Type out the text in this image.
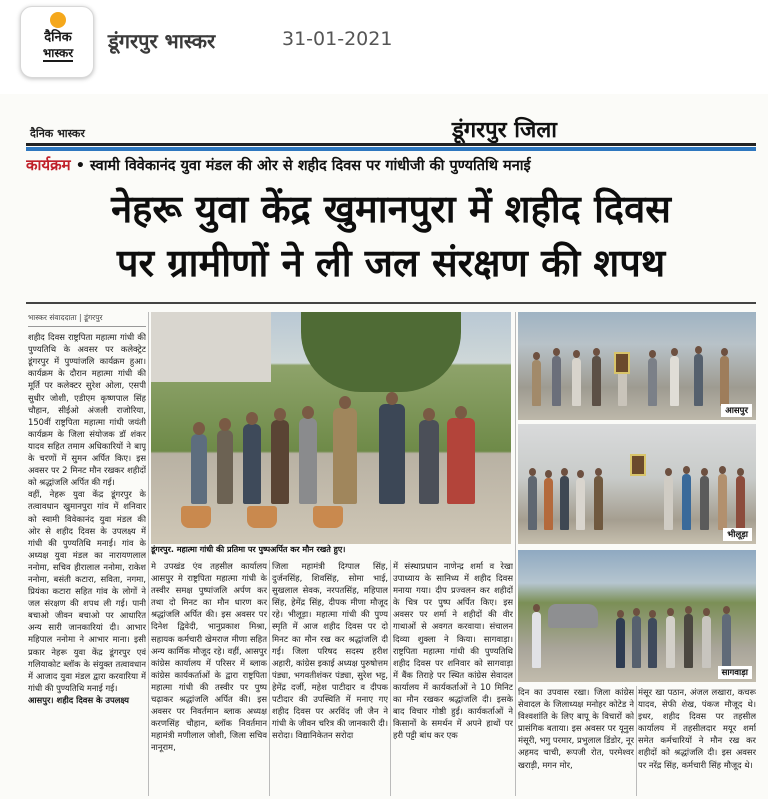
दैनिक
भास्कर	डूंगरपुर भास्कर	31-01-2021
दैनिक भास्कर	डूंगरपुर जिला
कार्यक्रम • स्वामी विवेकानंद युवा मंडल की ओर से शहीद दिवस पर गांधीजी की पुण्यतिथि मनाई
नेहरू युवा केंद्र खुमानपुरा में शहीद दिवस
पर ग्रामीणों ने ली जल संरक्षण की शपथ

भास्कर संवाददाता | डूंगरपुर

शहीद दिवस राष्ट्रपिता महात्मा गांधी की पुण्यतिथि के अवसर पर कलेक्ट्रेट डूंगरपुर में पुण्यांजलि कार्यक्रम हुआ। कार्यक्रम के दौरान महात्मा गांधी की मूर्ति पर कलेक्टर सुरेश ओला, एसपी सुधीर जोशी, एडीएम कृष्णपाल सिंह चौहान, सीईओ अंजली राजोरिया, 150वीं राष्ट्रपिता महात्मा गांधी जयंती कार्यक्रम के जिला संयोजक डॉ शंकर यादव सहित तमाम अधिकारियों ने बापू के चरणों में सुमन अर्पित किए। इस अवसर पर 2 मिनट मौन रखकर शहीदों को श्रद्धांजलि अर्पित की गई।

वहीं, नेहरू युवा केंद्र डूंगरपुर के तत्वावधान खुमानपुरा गांव में शनिवार को स्वामी विवेकानंद युवा मंडल की ओर से शहीद दिवस के उपलक्ष्य में गांधी की पुण्यतिथि मनाई। गांव के अध्यक्ष युवा मंडल का नारायणलाल ननोमा, सचिव हीरालाल ननोमा, राकेश ननोमा, बसंती कटारा, सविता, नगमा, प्रियंका कटारा सहित गांव के लोगों ने जल संरक्षण की शपथ ली गई। पानी बचाओ जीवन बचाओ पर आधारित अन्य सारी जानकारियां दी। आभार महिपाल ननोमा ने आभार माना। इसी प्रकार नेहरू युवा केंद्र डूंगरपुर एवं गलियाकोट ब्लॉक के संयुक्त तत्वावधान में आजाद युवा मंडल द्वारा करवारिया में गांधी की पुण्यतिथि मनाई गई।

आसपुर। शहीद दिवस के उपलक्ष्य

डूंगरपुर. महात्मा गांधी की प्रतिमा पर पुष्पअर्पित कर मौन रखते हुए।
मे उपखंड एंव तहसील कार्यालय आसपुर मे राष्ट्रपिता महात्मा गांधी के तस्वीर समक्ष पुष्पांजलि अर्पण कर तथा दो मिनट का मौन धारण कर श्रद्धांजलि अर्पित की। इस अवसर पर दिनेश द्विवेदी, भानुप्रकाश मिश्रा, सहायक कर्मचारी खेमराज मीणा सहित अन्य कार्मिक मौजूद रहे। वहीं, आसपुर कांग्रेस कार्यालय में परिसर में ब्लाक कांग्रेस कार्यकर्ताओं के द्वारा राष्ट्रपिता महात्मा गांधी की तस्वीर पर पुष्प चढ़ाकर श्रद्धांजलि अर्पित की। इस अवसर पर निवर्तमान ब्लाक अध्यक्ष करणसिंह चौहान, ब्लॉक निवर्तमान महामंत्री मणीलाल जोशी, जिला सचिव नानूराम,
जिला महामंत्री दिग्पाल सिंह, दुर्जनसिंह, शिवसिंह, सोमा भाई, सुखलाल सेवक, नरपतसिंह, महिपाल सिंह, हेमेंद्र सिंह, दीपक मीणा मौजूद रहे। भीलूड़ा। महात्मा गांधी की पुण्य स्मृति में आज शहीद दिवस पर दो मिनट का मौन रख कर श्रद्धांजलि दी गई। जिला परिषद सदस्य हरीश अहारी, कांग्रेस इकाई अध्यक्ष पुरुषोत्तम पंड्या, भगवतीशंकर पंड्या, सुरेश भट्ट, हेमेंद्र दर्जी, महेश पाटीदार व दीपक पटीदार की उपस्थिति में मनाए गए शहीद दिवस पर अरविंद जी जैन ने गांधी के जीवन चरित्र की जानकारी दी। सरोदा। विद्यानिकेतन सरोदा
में संस्थाप्रधान नाणेन्द्र शर्मा व रेखा उपाध्याय के सानिध्य में शहीद दिवस मनाया गया। दीप प्रज्वलन कर शहीदों के चित्र पर पुष्प अर्पित किए। इस अवसर पर शर्मा ने शहीदों की वीर गाथाओं से अवगत करवाया। संचालन दिव्या शुक्ला ने किया। सागवाड़ा। राष्ट्रपिता महात्मा गांधी की पुण्यतिथि शहीद दिवस पर शनिवार को सागवाड़ा में बैंक तिराहे पर स्थित कांग्रेस सेवादल कार्यालय में कार्यकर्ताओं ने 10 मिनिट का मौन रखकर श्रद्धांजलि दी। इसके बाद विचार गोष्ठी हुई। कार्यकर्ताओं ने किसानों के समर्थन में अपने हाथों पर हरी पट्टी बांध कर एक
आसपुर
भीलूड़ा
सागवाड़ा
दिन का उपवास रखा। जिला कांग्रेस सेवादल के जिलाध्यक्ष मनोहर कोटेड ने विश्वशांति के लिए बापू के विचारों को प्रासंगिक बताया। इस अवसर पर यूनुस मंसूरी, भगु परमार, प्रभुलाल डिंडोर, नूर अहमद चाची, रूपजी रोत, परमेश्वर खराड़ी, मगन मोर,
मंसूर खा पठान, अंजल लखारा, कचरू यादव, सेफी शेख, पंकज मौजूद थे। इधर, शहीद दिवस पर तहसील कार्यालय में तहसीलदार मयूर शर्मा समेत कर्मचारियों ने मौन रख कर शहीदों को श्रद्धांजलि दी। इस अवसर पर नरेंद्र सिंह, कर्मचारी सिंह मौजूद थे।
